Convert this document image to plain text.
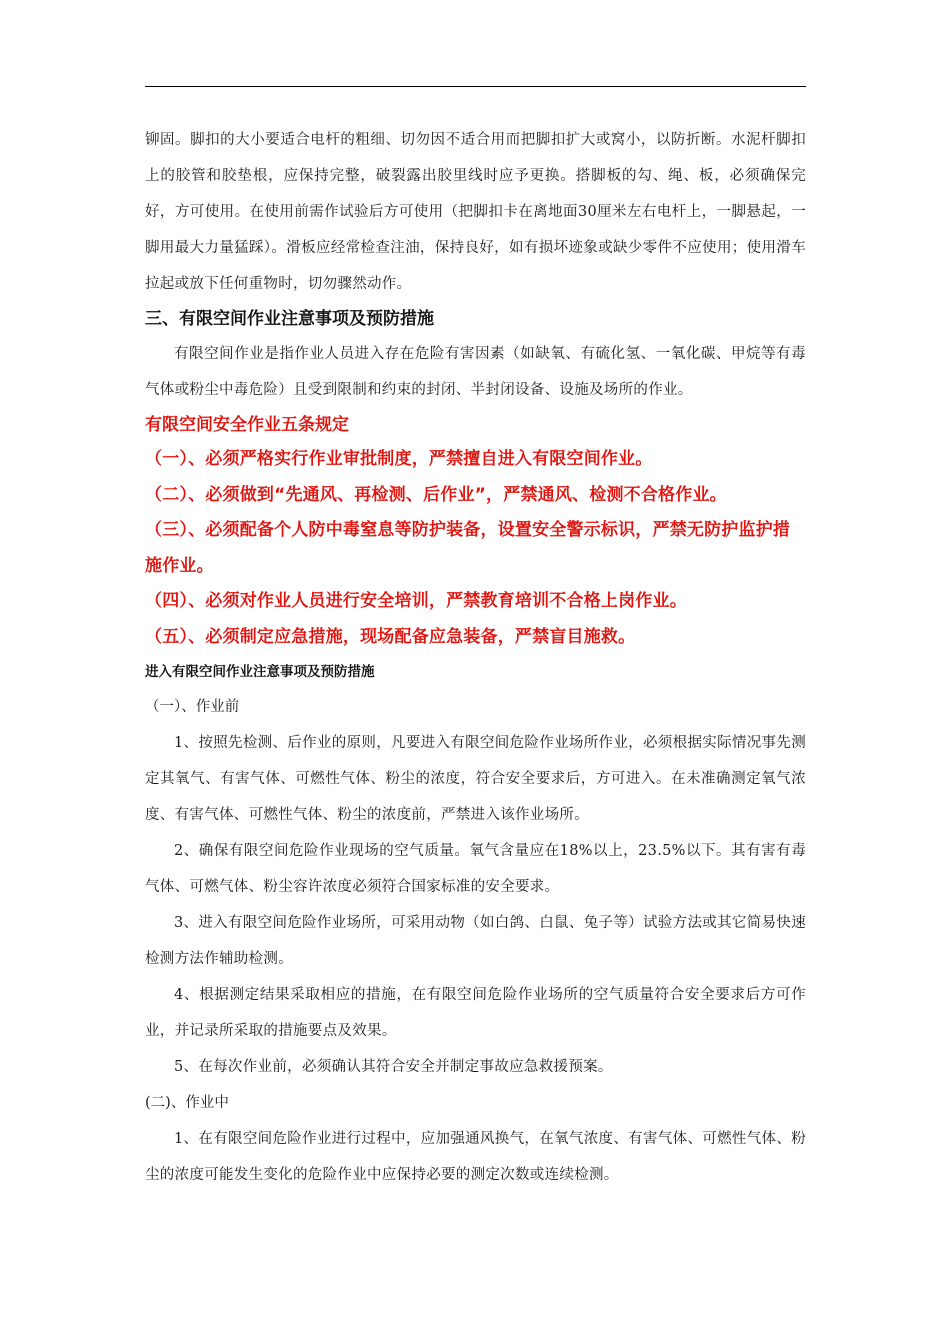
铆固。脚扣的大小要适合电杆的粗细、切勿因不适合用而把脚扣扩大或窝小，以防折断。水泥杆脚扣上的胶管和胶垫根，应保持完整，破裂露出胶里线时应予更换。搭脚板的勾、绳、板，必须确保完好，方可使用。在使用前需作试验后方可使用（把脚扣卡在离地面30厘米左右电杆上，一脚悬起，一脚用最大力量猛踩）。滑板应经常检查注油，保持良好，如有损坏迹象或缺少零件不应使用；使用滑车拉起或放下任何重物时，切勿骤然动作。

三、有限空间作业注意事项及预防措施

有限空间作业是指作业人员进入存在危险有害因素（如缺氧、有硫化氢、一氧化碳、甲烷等有毒气体或粉尘中毒危险）且受到限制和约束的封闭、半封闭设备、设施及场所的作业。

有限空间安全作业五条规定

（一）、必须严格实行作业审批制度，严禁擅自进入有限空间作业。

（二）、必须做到“先通风、再检测、后作业”，严禁通风、检测不合格作业。

（三）、必须配备个人防中毒窒息等防护装备，设置安全警示标识，严禁无防护监护措施作业。

（四）、必须对作业人员进行安全培训，严禁教育培训不合格上岗作业。

（五）、必须制定应急措施，现场配备应急装备，严禁盲目施救。

进入有限空间作业注意事项及预防措施

（一）、作业前

1、按照先检测、后作业的原则，凡要进入有限空间危险作业场所作业，必须根据实际情况事先测定其氧气、有害气体、可燃性气体、粉尘的浓度，符合安全要求后，方可进入。在未准确测定氧气浓度、有害气体、可燃性气体、粉尘的浓度前，严禁进入该作业场所。

2、确保有限空间危险作业现场的空气质量。氧气含量应在18%以上，23.5%以下。其有害有毒气体、可燃气体、粉尘容许浓度必须符合国家标准的安全要求。

3、进入有限空间危险作业场所，可采用动物（如白鸽、白鼠、兔子等）试验方法或其它简易快速检测方法作辅助检测。

4、根据测定结果采取相应的措施，在有限空间危险作业场所的空气质量符合安全要求后方可作业，并记录所采取的措施要点及效果。

5、在每次作业前，必须确认其符合安全并制定事故应急救援预案。

(二)、作业中

1、在有限空间危险作业进行过程中，应加强通风换气，在氧气浓度、有害气体、可燃性气体、粉尘的浓度可能发生变化的危险作业中应保持必要的测定次数或连续检测。
